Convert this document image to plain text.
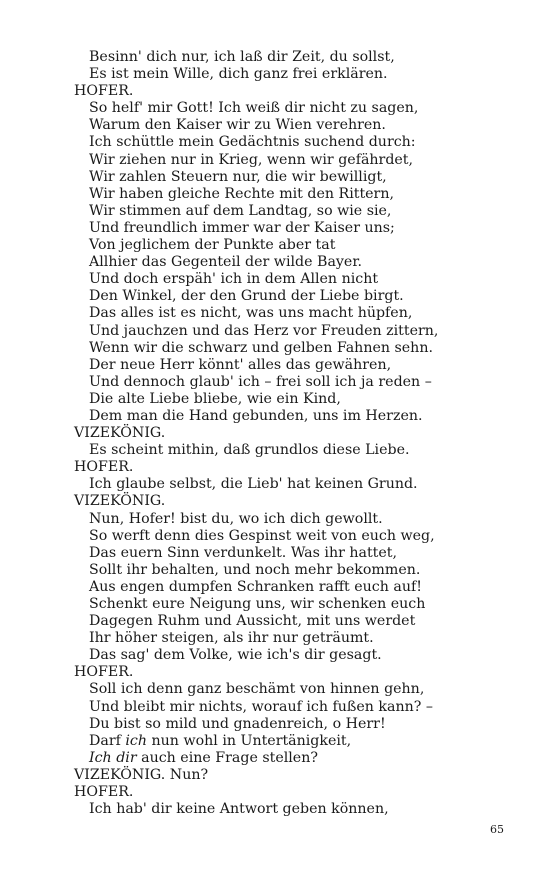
Besinn' dich nur, ich laß dir Zeit, du sollst,
Es ist mein Wille, dich ganz frei erklären.
HOFER.
So helf' mir Gott! Ich weiß dir nicht zu sagen,
Warum den Kaiser wir zu Wien verehren.
Ich schüttle mein Gedächtnis suchend durch:
Wir ziehen nur in Krieg, wenn wir gefährdet,
Wir zahlen Steuern nur, die wir bewilligt,
Wir haben gleiche Rechte mit den Rittern,
Wir stimmen auf dem Landtag, so wie sie,
Und freundlich immer war der Kaiser uns;
Von jeglichem der Punkte aber tat
Allhier das Gegenteil der wilde Bayer.
Und doch erspäh' ich in dem Allen nicht
Den Winkel, der den Grund der Liebe birgt.
Das alles ist es nicht, was uns macht hüpfen,
Und jauchzen und das Herz vor Freuden zittern,
Wenn wir die schwarz und gelben Fahnen sehn.
Der neue Herr könnt' alles das gewähren,
Und dennoch glaub' ich – frei soll ich ja reden –
Die alte Liebe bliebe, wie ein Kind,
Dem man die Hand gebunden, uns im Herzen.
VIZEKÖNIG.
Es scheint mithin, daß grundlos diese Liebe.
HOFER.
Ich glaube selbst, die Lieb' hat keinen Grund.
VIZEKÖNIG.
Nun, Hofer! bist du, wo ich dich gewollt.
So werft denn dies Gespinst weit von euch weg,
Das euern Sinn verdunkelt. Was ihr hattet,
Sollt ihr behalten, und noch mehr bekommen.
Aus engen dumpfen Schranken rafft euch auf!
Schenkt eure Neigung uns, wir schenken euch
Dagegen Ruhm und Aussicht, mit uns werdet
Ihr höher steigen, als ihr nur geträumt.
Das sag' dem Volke, wie ich's dir gesagt.
HOFER.
Soll ich denn ganz beschämt von hinnen gehn,
Und bleibt mir nichts, worauf ich fußen kann? –
Du bist so mild und gnadenreich, o Herr!
Darf ich nun wohl in Untertänigkeit,
Ich dir auch eine Frage stellen?
VIZEKÖNIG. Nun?
HOFER.
Ich hab' dir keine Antwort geben können,
65
